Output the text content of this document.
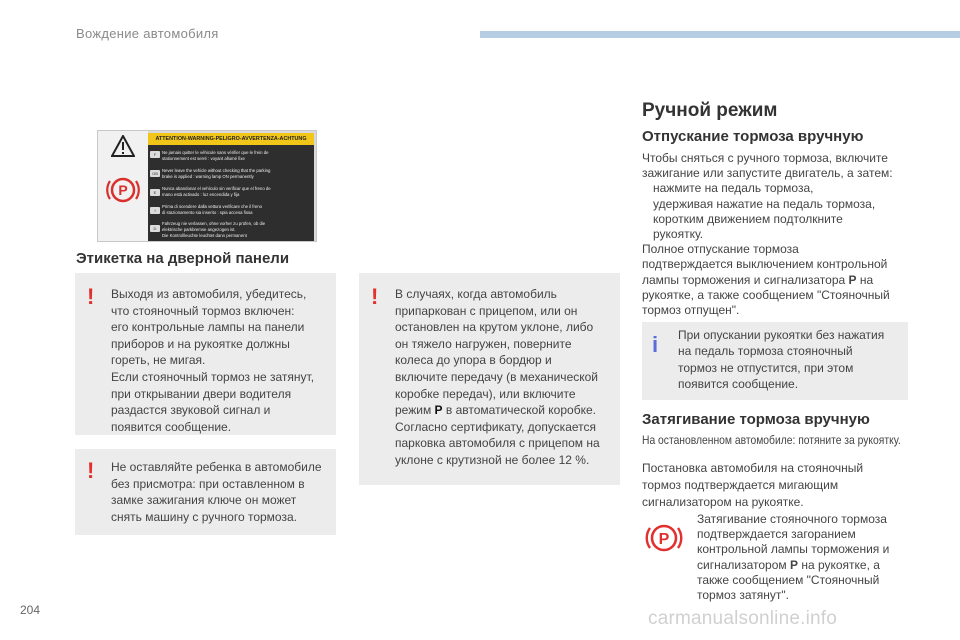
Вождение автомобиля
P
ATTENTION-WARNING-PELIGRO-AVVERTENZA-ACHTUNG
F
GB
E
I
D
Ne jamais quitter le véhicule sans vérifier que le frein de
stationnement est serré : voyant allumé fixe
Never leave the vehicle without checking that the parking
brake is applied : warning lamp ON permanently
Nunca abandonar el vehículo sin verificar que el freno de
mano está activado : luz encendida y fija
Prima di scendere dalla vettura verificare che il freno
di stazionamento sia inserito : spia accesa fissa
Fahrzeug nie verlassen, ohne vorher zu prüfen, ob die
elektrische parkbremse angezogen ist.
Die Kontrollleuchte leuchtet dann permanent
Этикетка на дверной панели
! Выходя из автомобиля, убедитесь,
что стояночный тормоз включен:
его контрольные лампы на панели
приборов и на рукоятке должны
гореть, не мигая.
Если стояночный тормоз не затянут,
при открывании двери водителя
раздастся звуковой сигнал и
появится сообщение.
! Не оставляйте ребенка в автомобиле
без присмотра: при оставленном в
замке зажигания ключе он может
снять машину с ручного тормоза.
! В случаях, когда автомобиль
припаркован с прицепом, или он
остановлен на крутом уклоне, либо
он тяжело нагружен, поверните
колеса до упора в бордюр и
включите передачу (в механической
коробке передач), или включите
режим P в автоматической коробке.
Согласно сертификату, допускается
парковка автомобиля с прицепом на
уклоне с крутизной не более 12 %.
Ручной режим
Отпускание тормоза вручную
Чтобы сняться с ручного тормоза, включите
зажигание или запустите двигатель, а затем:
нажмите на педаль тормоза,
удерживая нажатие на педаль тормоза,
коротким движением подтолкните
рукоятку.
Полное отпускание тормоза
подтверждается выключением контрольной
лампы торможения и сигнализатора P на
рукоятке, а также сообщением "Стояночный
тормоз отпущен".
i При опускании рукоятки без нажатия
на педаль тормоза стояночный
тормоз не отпустится, при этом
появится сообщение.
Затягивание тормоза вручную
На остановленном автомобиле: потяните за рукоятку.
Постановка автомобиля на стояночный
тормоз подтверждается мигающим
сигнализатором на рукоятке.
P
Затягивание стояночного тормоза
подтверждается загоранием
контрольной лампы торможения и
сигнализатором P на рукоятке, а
также сообщением "Стояночный
тормоз затянут".
204	carmanualsonline.info
